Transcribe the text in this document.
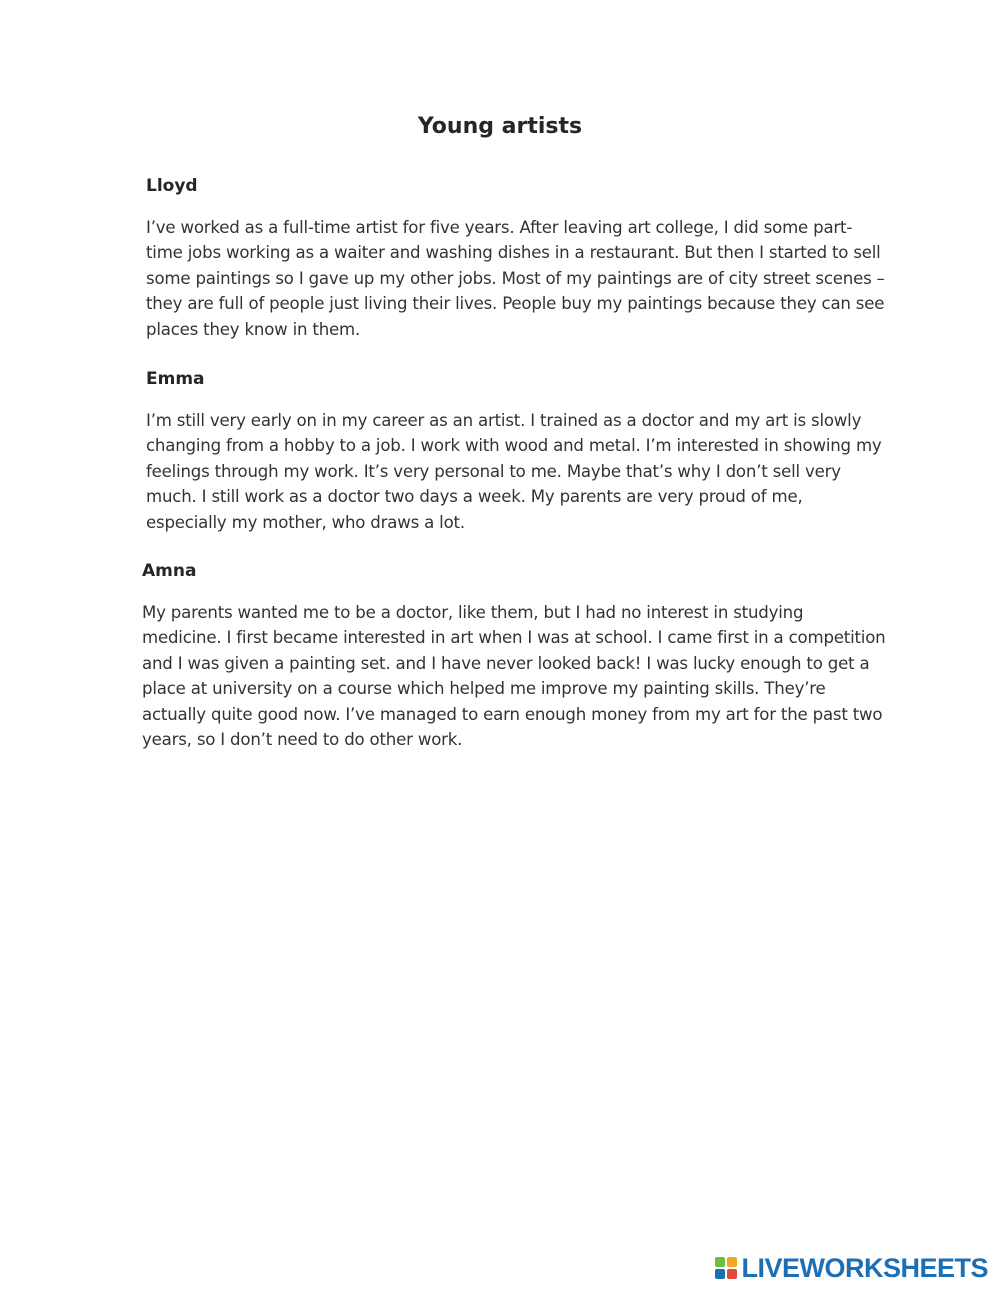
Young artists
Lloyd

I’ve worked as a full-time artist for five years. After leaving art college, I did some part-time jobs working as a waiter and washing dishes in a restaurant. But then I started to sell some paintings so I gave up my other jobs. Most of my paintings are of city street scenes – they are full of people just living their lives. People buy my paintings because they can see places they know in them.

Emma

I’m still very early on in my career as an artist. I trained as a doctor and my art is slowly changing from a hobby to a job. I work with wood and metal. I’m interested in showing my feelings through my work. It’s very personal to me. Maybe that’s why I don’t sell very much. I still work as a doctor two days a week. My parents are very proud of me, especially my mother, who draws a lot.

Amna

My parents wanted me to be a doctor, like them, but I had no interest in studying medicine. I first became interested in art when I was at school. I came first in a competition and I was given a painting set. and I have never looked back! I was lucky enough to get a place at university on a course which helped me improve my painting skills. They’re actually quite good now. I’ve managed to earn enough money from my art for the past two years, so I don’t need to do other work.

LIVEWORKSHEETS
